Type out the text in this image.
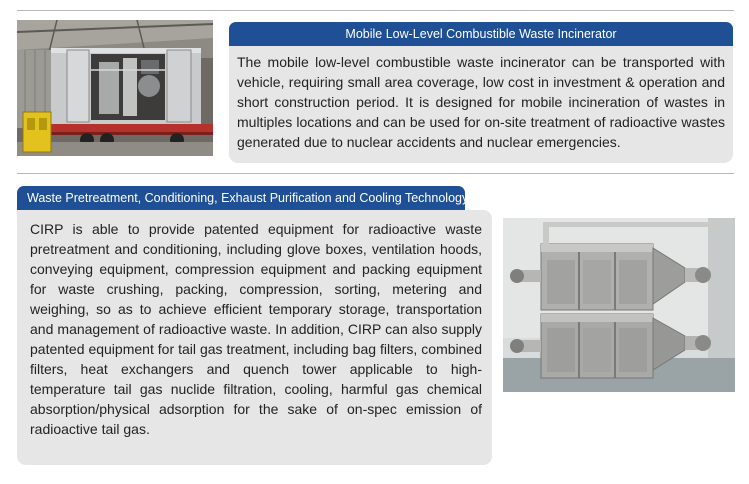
Mobile Low-Level Combustible Waste Incinerator
The mobile low-level combustible waste incinerator can be transported with vehicle, requiring small area coverage, low cost in investment & operation and short construction period. It is designed for mobile incineration of wastes in multiples locations and can be used for on-site treatment of radioactive wastes generated due to nuclear accidents and nuclear emergencies.
Waste Pretreatment, Conditioning, Exhaust Purification and Cooling Technology
CIRP is able to provide patented equipment for radioactive waste pretreatment and conditioning, including glove boxes, ventilation hoods, conveying equipment, compression equipment and packing equipment for waste crushing, packing, compression, sorting, metering and weighing, so as to achieve efficient temporary storage, transportation and management of radioactive waste. In addition, CIRP can also supply patented equipment for tail gas treatment, including bag filters, combined filters, heat exchangers and quench tower applicable to high-temperature tail gas nuclide filtration, cooling, harmful gas chemical absorption/physical adsorption for the sake of on-spec emission of radioactive tail gas.
